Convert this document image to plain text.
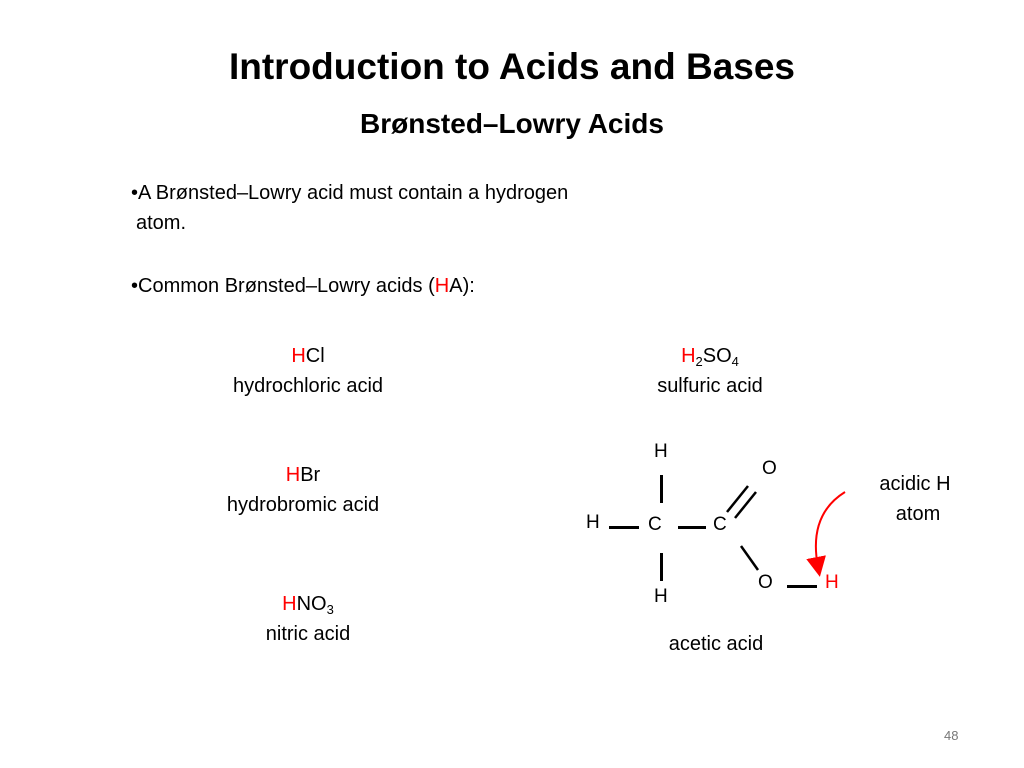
Introduction to Acids and Bases
Brønsted–Lowry Acids
•A Brønsted–Lowry acid must contain a hydrogen
atom.
•Common Brønsted–Lowry acids (HA):
HCl
hydrochloric acid
HBr
hydrobromic acid
$HNO_3$
nitric acid
$H_2SO_4$
sulfuric acid
H
H	C	C
H
O
O	H
acetic acid
acidic H
atom
48
